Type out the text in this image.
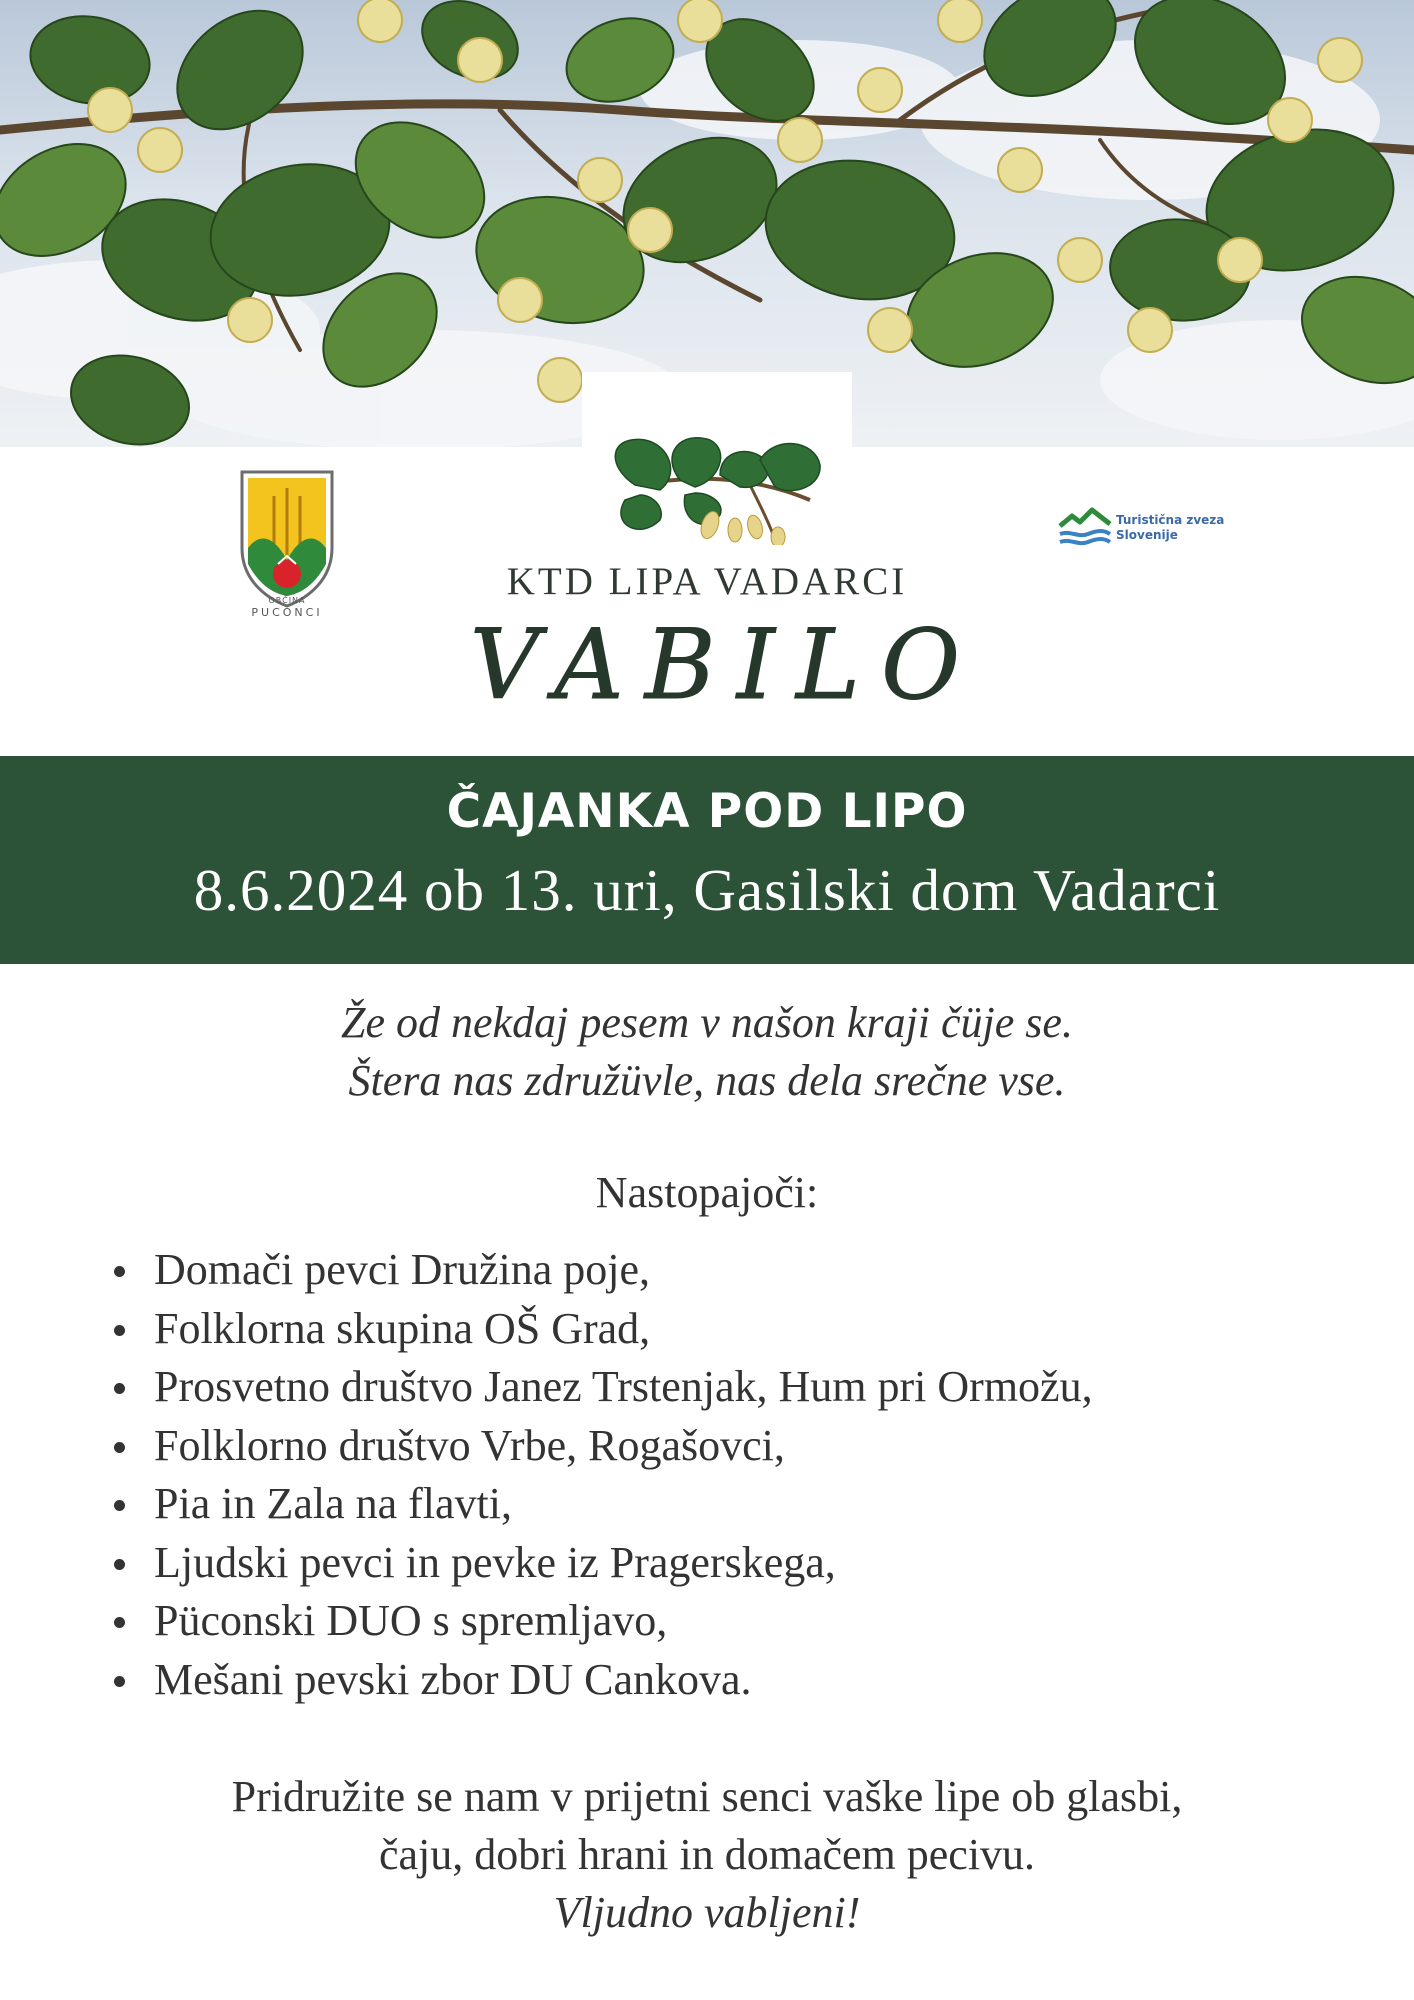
OBČINA
PUCONCI
Turistična zveza
Slovenije
KTD LIPA VADARCI
VABILO
ČAJANKA POD LIPO
8.6.2024 ob 13. uri, Gasilski dom Vadarci
Že od nekdaj pesem v našon kraji čüje se.
Štera nas združüvle, nas dela srečne vse.
Nastopajoči:
Domači pevci Družina poje,
Folklorna skupina OŠ Grad,
Prosvetno društvo Janez Trstenjak, Hum pri Ormožu,
Folklorno društvo Vrbe, Rogašovci,
Pia in Zala na flavti,
Ljudski pevci in pevke iz Pragerskega,
Püconski DUO s spremljavo,
Mešani pevski zbor DU Cankova.
Pridružite se nam v prijetni senci vaške lipe ob glasbi,
čaju, dobri hrani in domačem pecivu.
Vljudno vabljeni!
